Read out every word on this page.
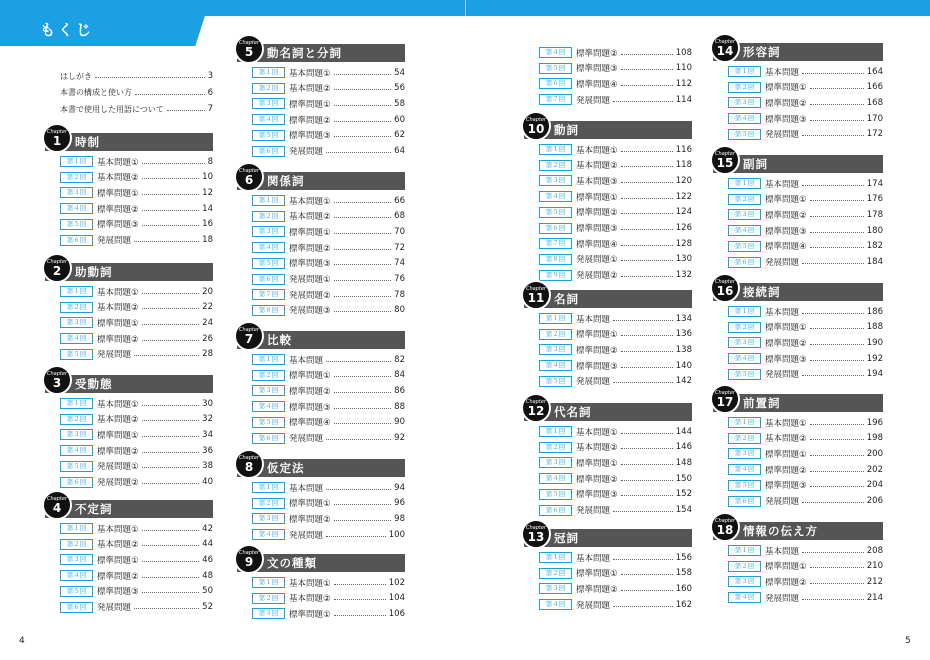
もくじ
はしがき	3
本書の構成と使い方	6
本書で使用した用語について	7
Chapter
1	時制
第１回	基本問題①	8
第２回	基本問題②	10
第３回	標準問題①	12
第４回	標準問題②	14
第５回	標準問題③	16
第６回	発展問題	18
Chapter
2	助動詞
第１回	基本問題①	20
第２回	基本問題②	22
第３回	標準問題①	24
第４回	標準問題②	26
第５回	発展問題	28
Chapter
3	受動態
第１回	基本問題①	30
第２回	基本問題②	32
第３回	標準問題①	34
第４回	標準問題②	36
第５回	発展問題①	38
第６回	発展問題②	40
Chapter
4	不定詞
第１回	基本問題①	42
第２回	基本問題②	44
第３回	標準問題①	46
第４回	標準問題②	48
第５回	標準問題③	50
第６回	発展問題	52
Chapter
5	動名詞と分詞
第１回	基本問題①	54
第２回	基本問題②	56
第３回	標準問題①	58
第４回	標準問題②	60
第５回	標準問題③	62
第６回	発展問題	64
Chapter
6	関係詞
第１回	基本問題①	66
第２回	基本問題②	68
第３回	標準問題①	70
第４回	標準問題②	72
第５回	標準問題③	74
第６回	発展問題①	76
第７回	発展問題②	78
第８回	発展問題③	80
Chapter
7	比較
第１回	基本問題	82
第２回	標準問題①	84
第３回	標準問題②	86
第４回	標準問題③	88
第５回	標準問題④	90
第６回	発展問題	92
Chapter
8	仮定法
第１回	基本問題	94
第２回	標準問題①	96
第３回	標準問題②	98
第４回	発展問題	100
Chapter
9	文の種類
第１回	基本問題①	102
第２回	基本問題②	104
第３回	標準問題①	106
第４回	標準問題②	108
第５回	標準問題③	110
第６回	標準問題④	112
第７回	発展問題	114
Chapter
10 動詞
第１回	基本問題①	116
第２回	基本問題②	118
第３回	基本問題③	120
第４回	標準問題①	122
第５回	標準問題②	124
第６回	標準問題③	126
第７回	標準問題④	128
第８回	発展問題①	130
第９回	発展問題②	132
Chapter
11 名詞
第１回	基本問題	134
第２回	標準問題①	136
第３回	標準問題②	138
第４回	標準問題③	140
第５回	発展問題	142
Chapter
12 代名詞
第１回	基本問題①	144
第２回	基本問題②	146
第３回	標準問題①	148
第４回	標準問題②	150
第５回	標準問題③	152
第６回	発展問題	154
Chapter
13 冠詞
第１回	基本問題	156
第２回	標準問題①	158
第３回	標準問題②	160
第４回	発展問題	162
Chapter
14 形容詞
第１回	基本問題	164
第２回	標準問題①	166
第３回	標準問題②	168
第４回	標準問題③	170
第５回	発展問題	172
Chapter
15 副詞
第１回	基本問題	174
第２回	標準問題①	176
第３回	標準問題②	178
第４回	標準問題③	180
第５回	標準問題④	182
第６回	発展問題	184
Chapter
16 接続詞
第１回	基本問題	186
第２回	標準問題①	188
第３回	標準問題②	190
第４回	標準問題③	192
第５回	発展問題	194
Chapter
17 前置詞
第１回	基本問題①	196
第２回	基本問題②	198
第３回	標準問題①	200
第４回	標準問題②	202
第５回	標準問題③	204
第６回	発展問題	206
Chapter
18 情報の伝え方
第１回	基本問題	208
第２回	標準問題①	210
第３回	標準問題②	212
第４回	発展問題	214
4	5
